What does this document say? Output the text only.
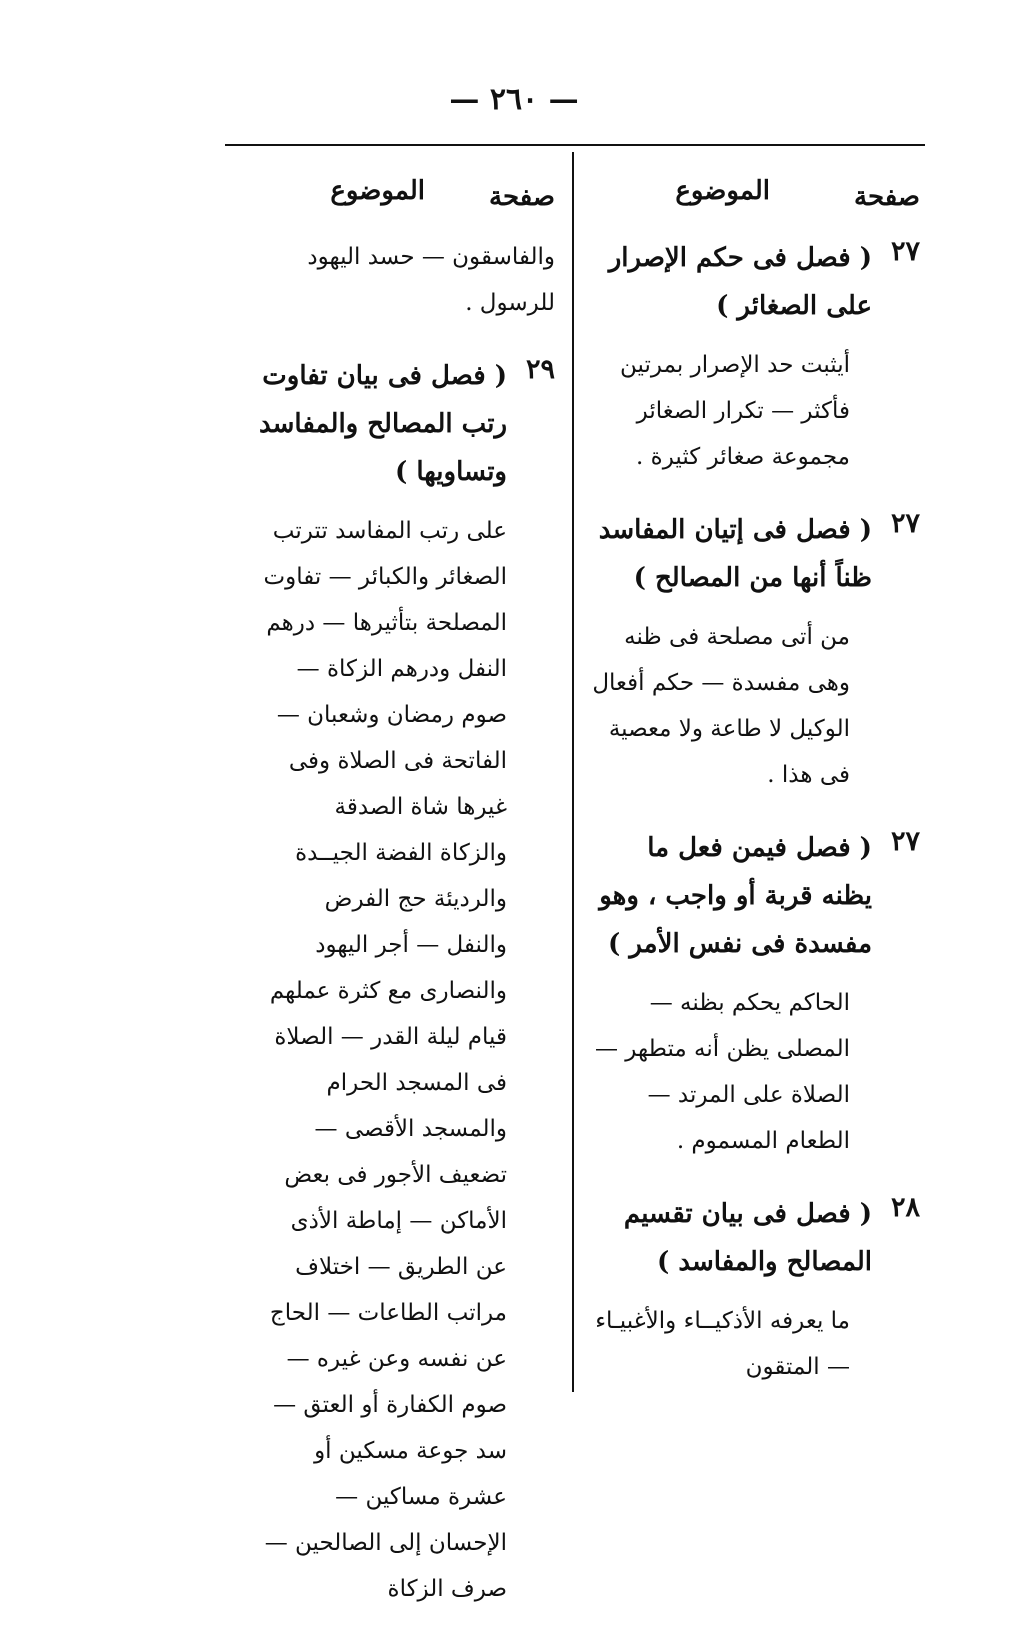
— ٢٦٠ —
صفحة
الموضوع
٢٧
( فصل فى حكم الإصرار على الصغائر )
أيثبت حد الإصرار بمرتين فأكثر — تكرار الصغائر مجموعة صغائر كثيرة .
٢٧
( فصل فى إتيان المفاسد ظناً أنها من المصالح )
من أتى مصلحة فى ظنه وهى مفسدة — حكم أفعال الوكيل لا طاعة ولا معصية فى هذا .
٢٧
( فصل فيمن فعل ما يظنه قربة أو واجب ، وهو مفسدة فى نفس الأمر )
الحاكم يحكم بظنه — المصلى يظن أنه متطهر — الصلاة على المرتد — الطعام المسموم .
٢٨
( فصل فى بيان تقسيم المصالح والمفاسد )
ما يعرفه الأذكيــاء والأغبيـاء — المتقون
صفحة
الموضوع
والفاسقون — حسد اليهود للرسول .
٢٩
( فصل فى بيان تفاوت رتب المصالح والمفاسد وتساويها )
على رتب المفاسد تترتب الصغائر والكبائر — تفاوت المصلحة بتأثيرها — درهم النفل ودرهم الزكاة — صوم رمضان وشعبان — الفاتحة فى الصلاة وفى غيرها شاة الصدقة والزكاة الفضة الجيــدة والرديئة حج الفرض والنفل — أجر اليهود والنصارى مع كثرة عملهم قيام ليلة القدر — الصلاة فى المسجد الحرام والمسجد الأقصى — تضعيف الأجور فى بعض الأماكن — إماطة الأذى عن الطريق — اختلاف مراتب الطاعات — الحاج عن نفسه وعن غيره — صوم الكفارة أو العتق — سد جوعة مسكين أو عشرة مساكين — الإحسان إلى الصالحين — صرف الزكاة
